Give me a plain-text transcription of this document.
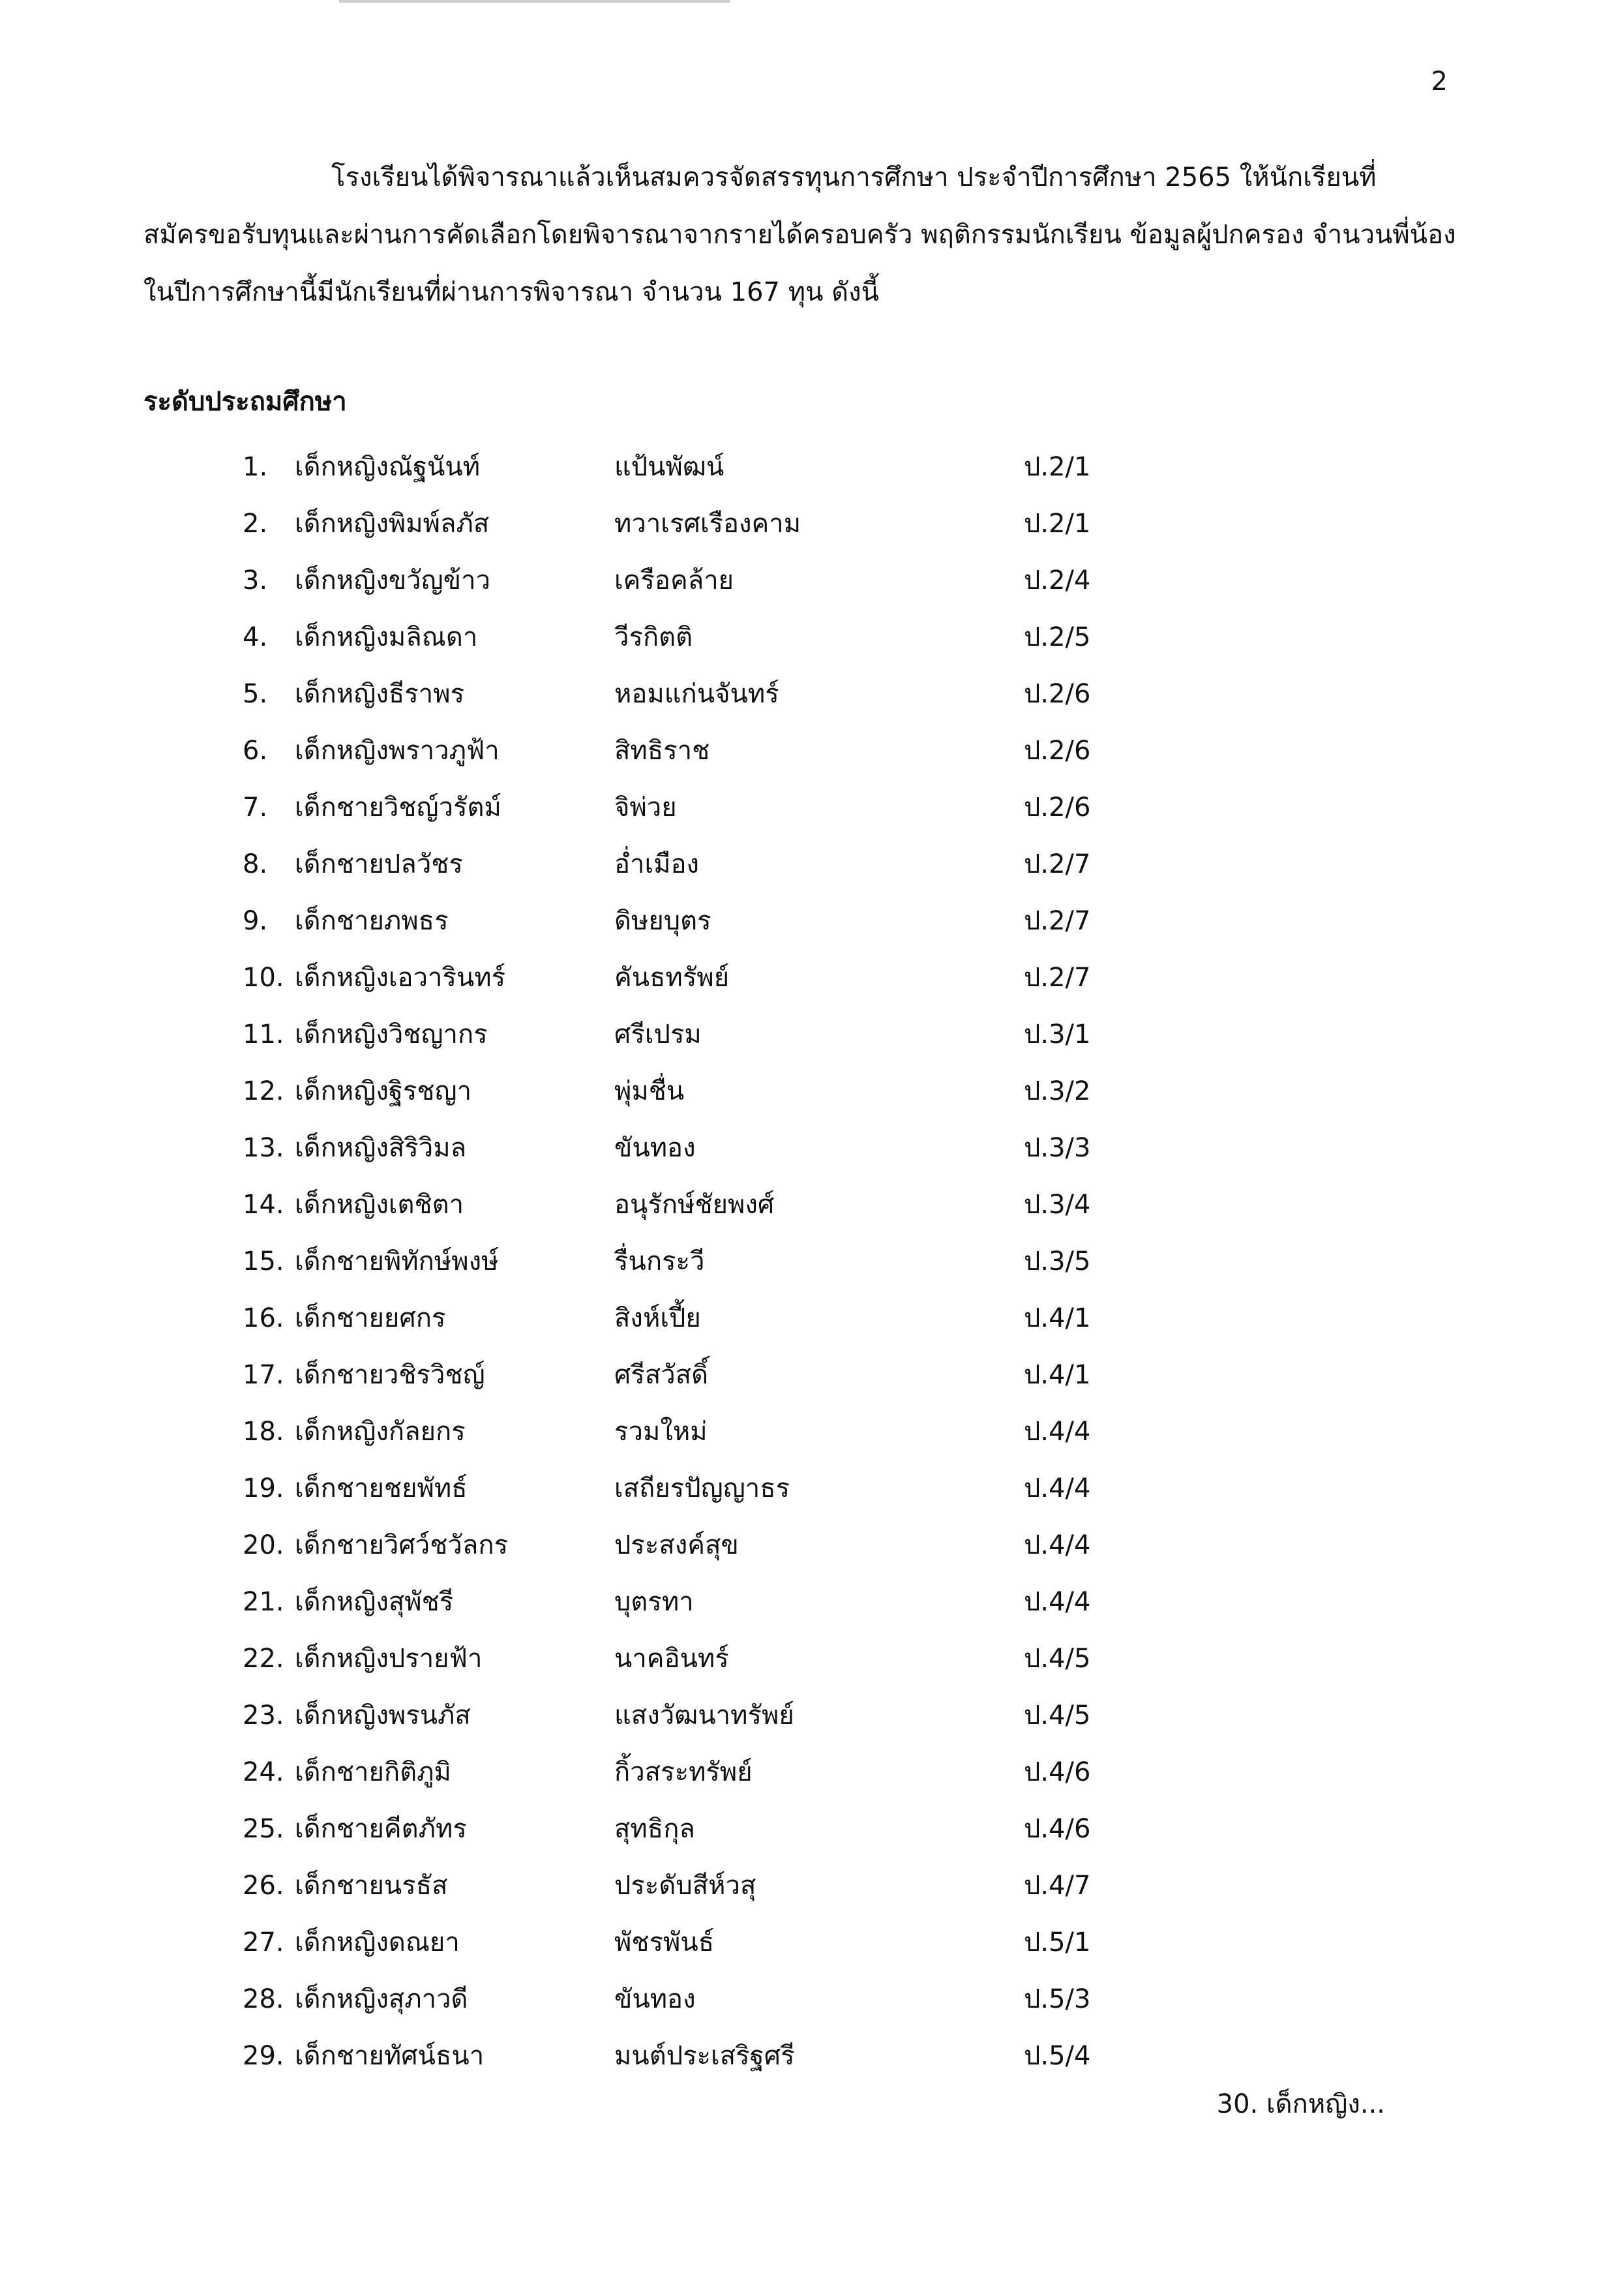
2
โรงเรียนได้พิจารณาแล้วเห็นสมควรจัดสรรทุนการศึกษา ประจำปีการศึกษา 2565 ให้นักเรียนที่
สมัครขอรับทุนและผ่านการคัดเลือกโดยพิจารณาจากรายได้ครอบครัว พฤติกรรมนักเรียน ข้อมูลผู้ปกครอง จำนวนพี่น้อง
ในปีการศึกษานี้มีนักเรียนที่ผ่านการพิจารณา จำนวน 167 ทุน ดังนี้
ระดับประถมศึกษา
1.	เด็กหญิงณัฐนันท์	แป้นพัฒน์	ป.2/1
2.	เด็กหญิงพิมพ์ลภัส	ทวาเรศเรืองคาม	ป.2/1
3.	เด็กหญิงขวัญข้าว	เครือคล้าย	ป.2/4
4.	เด็กหญิงมลิณดา	วีรกิตติ	ป.2/5
5.	เด็กหญิงธีราพร	หอมแก่นจันทร์	ป.2/6
6.	เด็กหญิงพราวภูฟ้า	สิทธิราช	ป.2/6
7.	เด็กชายวิชญ์วรัตม์	จิพ่วย	ป.2/6
8.	เด็กชายปลวัชร	อ่ำเมือง	ป.2/7
9.	เด็กชายภพธร	ดิษยบุตร	ป.2/7
10. เด็กหญิงเอวารินทร์	คันธทรัพย์	ป.2/7
11. เด็กหญิงวิชญากร	ศรีเปรม	ป.3/1
12. เด็กหญิงฐิรชญา	พุ่มชื่น	ป.3/2
13. เด็กหญิงสิริวิมล	ขันทอง	ป.3/3
14. เด็กหญิงเตชิตา	อนุรักษ์ชัยพงศ์	ป.3/4
15. เด็กชายพิทักษ์พงษ์	รื่นกระวี	ป.3/5
16. เด็กชายยศกร	สิงห์เปี้ย	ป.4/1
17. เด็กชายวชิรวิชญ์	ศรีสวัสดิ์	ป.4/1
18. เด็กหญิงกัลยกร	รวมใหม่	ป.4/4
19. เด็กชายชยพัทธ์	เสถียรปัญญาธร	ป.4/4
20. เด็กชายวิศว์ชวัลกร	ประสงค์สุข	ป.4/4
21. เด็กหญิงสุพัชรี	บุตรทา	ป.4/4
22. เด็กหญิงปรายฟ้า	นาคอินทร์	ป.4/5
23. เด็กหญิงพรนภัส	แสงวัฒนาทรัพย์	ป.4/5
24. เด็กชายกิติภูมิ	กิ้วสระทรัพย์	ป.4/6
25. เด็กชายคีตภัทร	สุทธิกุล	ป.4/6
26. เด็กชายนรธัส	ประดับสีห์วสุ	ป.4/7
27. เด็กหญิงดณยา	พัชรพันธ์	ป.5/1
28. เด็กหญิงสุภาวดี	ขันทอง	ป.5/3
29. เด็กชายทัศน์ธนา	มนต์ประเสริฐศรี	ป.5/4
30. เด็กหญิง...
